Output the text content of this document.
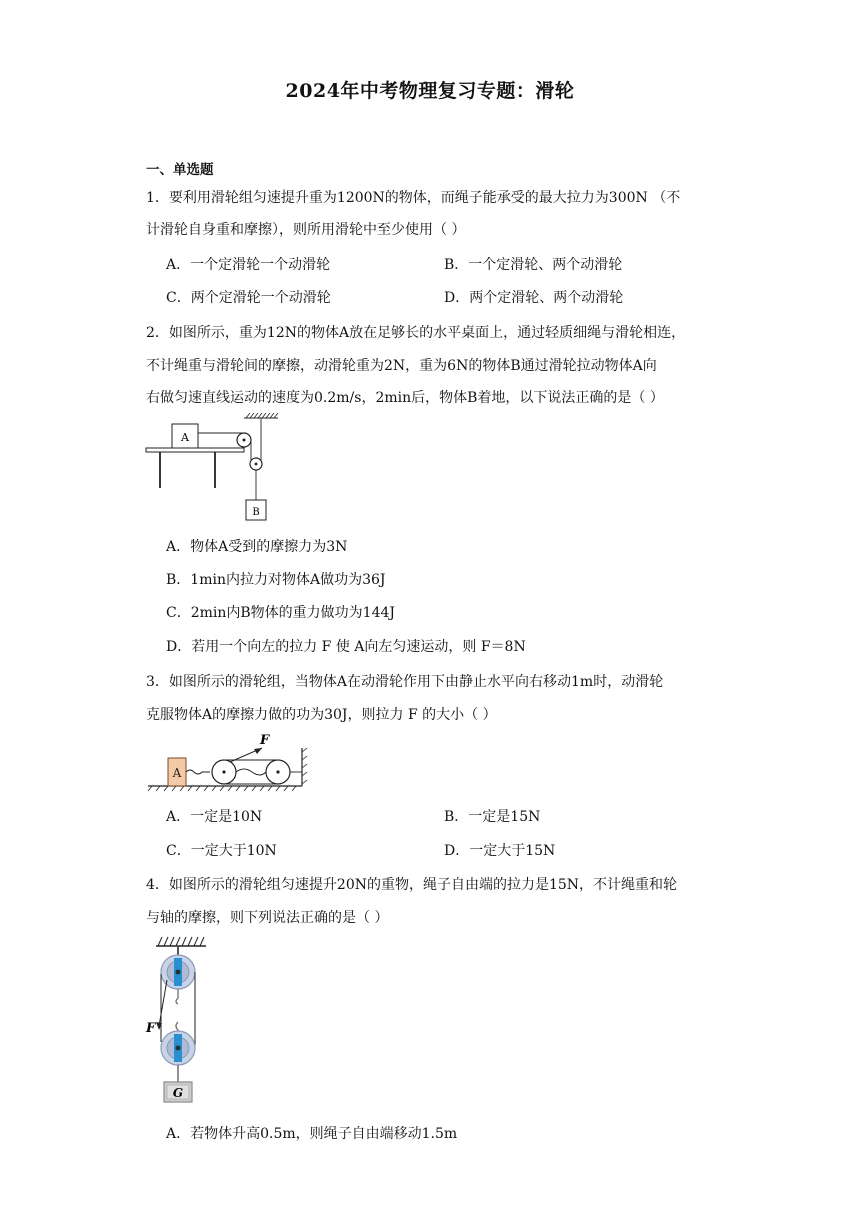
2024年中考物理复习专题：滑轮
一、单选题
1．要利用滑轮组匀速提升重为1200N的物体，而绳子能承受的最大拉力为300N （不
计滑轮自身重和摩擦），则所用滑轮中至少使用（ ）
A．一个定滑轮一个动滑轮	B．一个定滑轮、两个动滑轮
C．两个定滑轮一个动滑轮	D．两个定滑轮、两个动滑轮
2．如图所示，重为12N的物体A放在足够长的水平桌面上，通过轻质细绳与滑轮相连，
不计绳重与滑轮间的摩擦，动滑轮重为2N，重为6N的物体B通过滑轮拉动物体A向
右做匀速直线运动的速度为0.2m/s，2min后，物体B着地，以下说法正确的是（ ）
A
B
A．物体A受到的摩擦力为3N
B．1min内拉力对物体A做功为36J
C．2min内B物体的重力做功为144J
D．若用一个向左的拉力 F 使 A向左匀速运动，则 F＝8N
3．如图所示的滑轮组，当物体A在动滑轮作用下由静止水平向右移动1m时，动滑轮
克服物体A的摩擦力做的功为30J，则拉力 F 的大小（ ）
A
F
A．一定是10N	B．一定是15N
C．一定大于10N	D．一定大于15N
4．如图所示的滑轮组匀速提升20N的重物，绳子自由端的拉力是15N，不计绳重和轮
与轴的摩擦，则下列说法正确的是（ ）
F
G
A．若物体升高0.5m，则绳子自由端移动1.5m
